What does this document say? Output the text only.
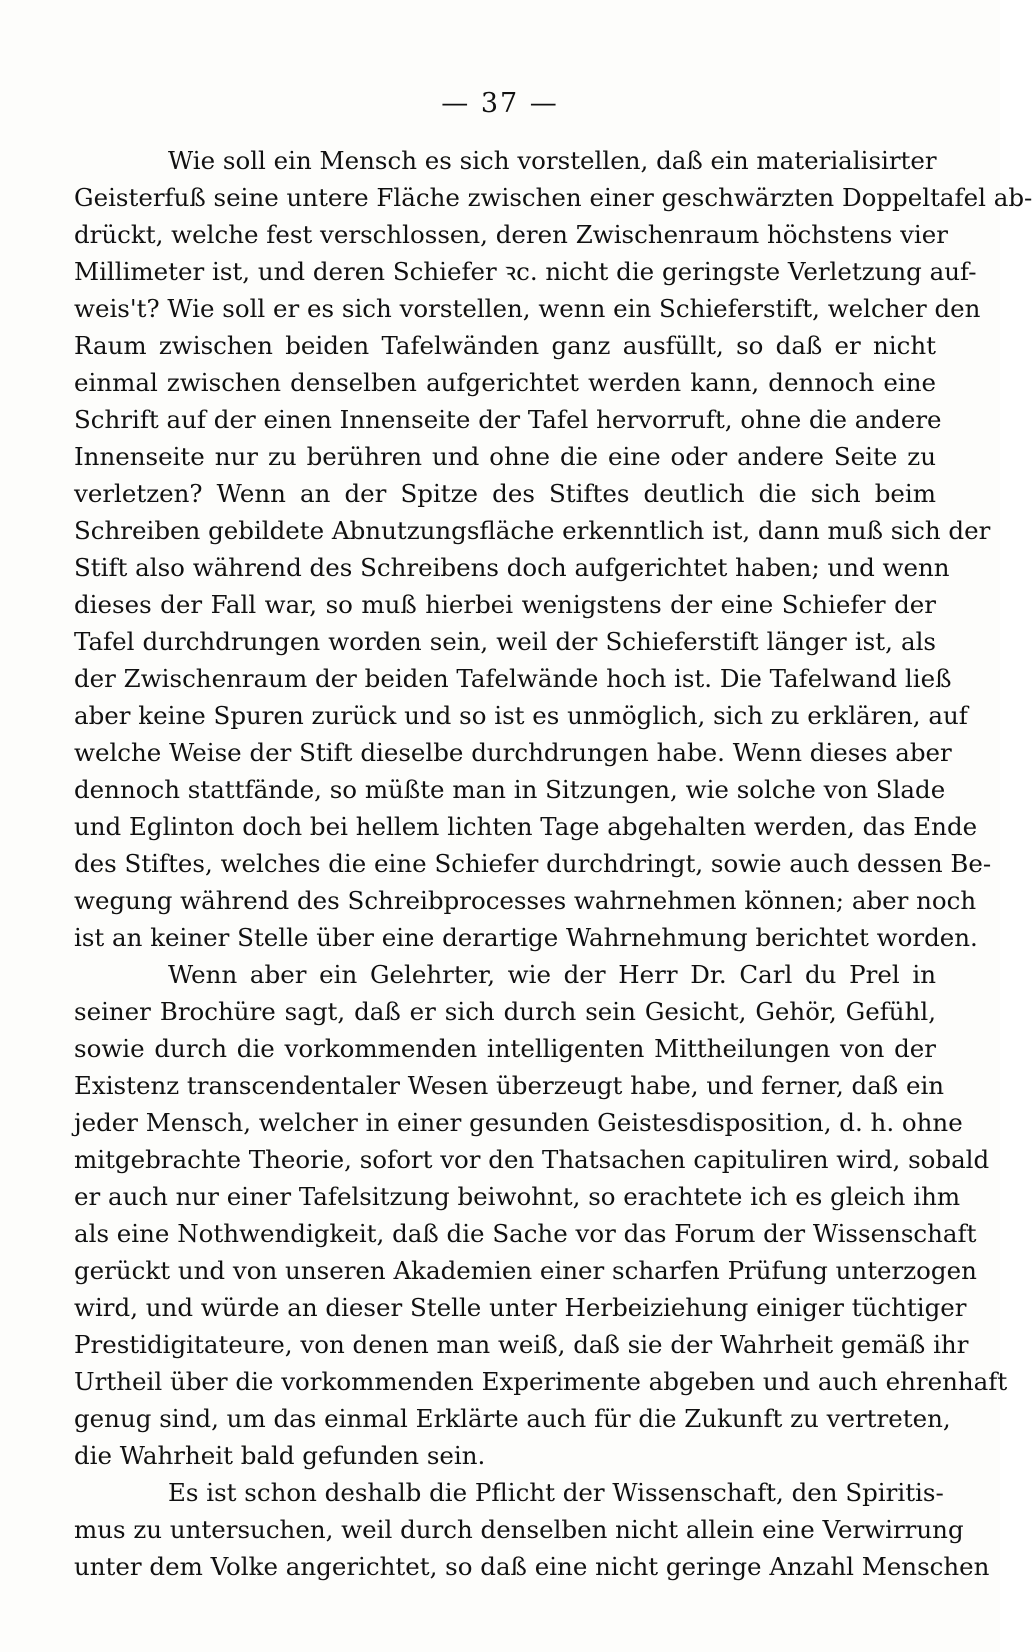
— 37 —
Wie soll ein Mensch es sich vorstellen, daß ein materialisirter
Geisterfuß seine untere Fläche zwischen einer geschwärzten Doppeltafel ab-
drückt, welche fest verschlossen, deren Zwischenraum höchstens vier
Millimeter ist, und deren Schiefer ꝛc. nicht die geringste Verletzung auf-
weis't? Wie soll er es sich vorstellen, wenn ein Schieferstift, welcher den
Raum zwischen beiden Tafelwänden ganz ausfüllt, so daß er nicht
einmal zwischen denselben aufgerichtet werden kann, dennoch eine
Schrift auf der einen Innenseite der Tafel hervorruft, ohne die andere
Innenseite nur zu berühren und ohne die eine oder andere Seite zu
verletzen? Wenn an der Spitze des Stiftes deutlich die sich beim
Schreiben gebildete Abnutzungsfläche erkenntlich ist, dann muß sich der
Stift also während des Schreibens doch aufgerichtet haben; und wenn
dieses der Fall war, so muß hierbei wenigstens der eine Schiefer der
Tafel durchdrungen worden sein, weil der Schieferstift länger ist, als
der Zwischenraum der beiden Tafelwände hoch ist. Die Tafelwand ließ
aber keine Spuren zurück und so ist es unmöglich, sich zu erklären, auf
welche Weise der Stift dieselbe durchdrungen habe. Wenn dieses aber
dennoch stattfände, so müßte man in Sitzungen, wie solche von Slade
und Eglinton doch bei hellem lichten Tage abgehalten werden, das Ende
des Stiftes, welches die eine Schiefer durchdringt, sowie auch dessen Be-
wegung während des Schreibprocesses wahrnehmen können; aber noch
ist an keiner Stelle über eine derartige Wahrnehmung berichtet worden.
Wenn aber ein Gelehrter, wie der Herr Dr. Carl du Prel in
seiner Brochüre sagt, daß er sich durch sein Gesicht, Gehör, Gefühl,
sowie durch die vorkommenden intelligenten Mittheilungen von der
Existenz transcendentaler Wesen überzeugt habe, und ferner, daß ein
jeder Mensch, welcher in einer gesunden Geistesdisposition, d. h. ohne
mitgebrachte Theorie, sofort vor den Thatsachen capituliren wird, sobald
er auch nur einer Tafelsitzung beiwohnt, so erachtete ich es gleich ihm
als eine Nothwendigkeit, daß die Sache vor das Forum der Wissenschaft
gerückt und von unseren Akademien einer scharfen Prüfung unterzogen
wird, und würde an dieser Stelle unter Herbeiziehung einiger tüchtiger
Prestidigitateure, von denen man weiß, daß sie der Wahrheit gemäß ihr
Urtheil über die vorkommenden Experimente abgeben und auch ehrenhaft
genug sind, um das einmal Erklärte auch für die Zukunft zu vertreten,
die Wahrheit bald gefunden sein.
Es ist schon deshalb die Pflicht der Wissenschaft, den Spiritis-
mus zu untersuchen, weil durch denselben nicht allein eine Verwirrung
unter dem Volke angerichtet, so daß eine nicht geringe Anzahl Menschen
